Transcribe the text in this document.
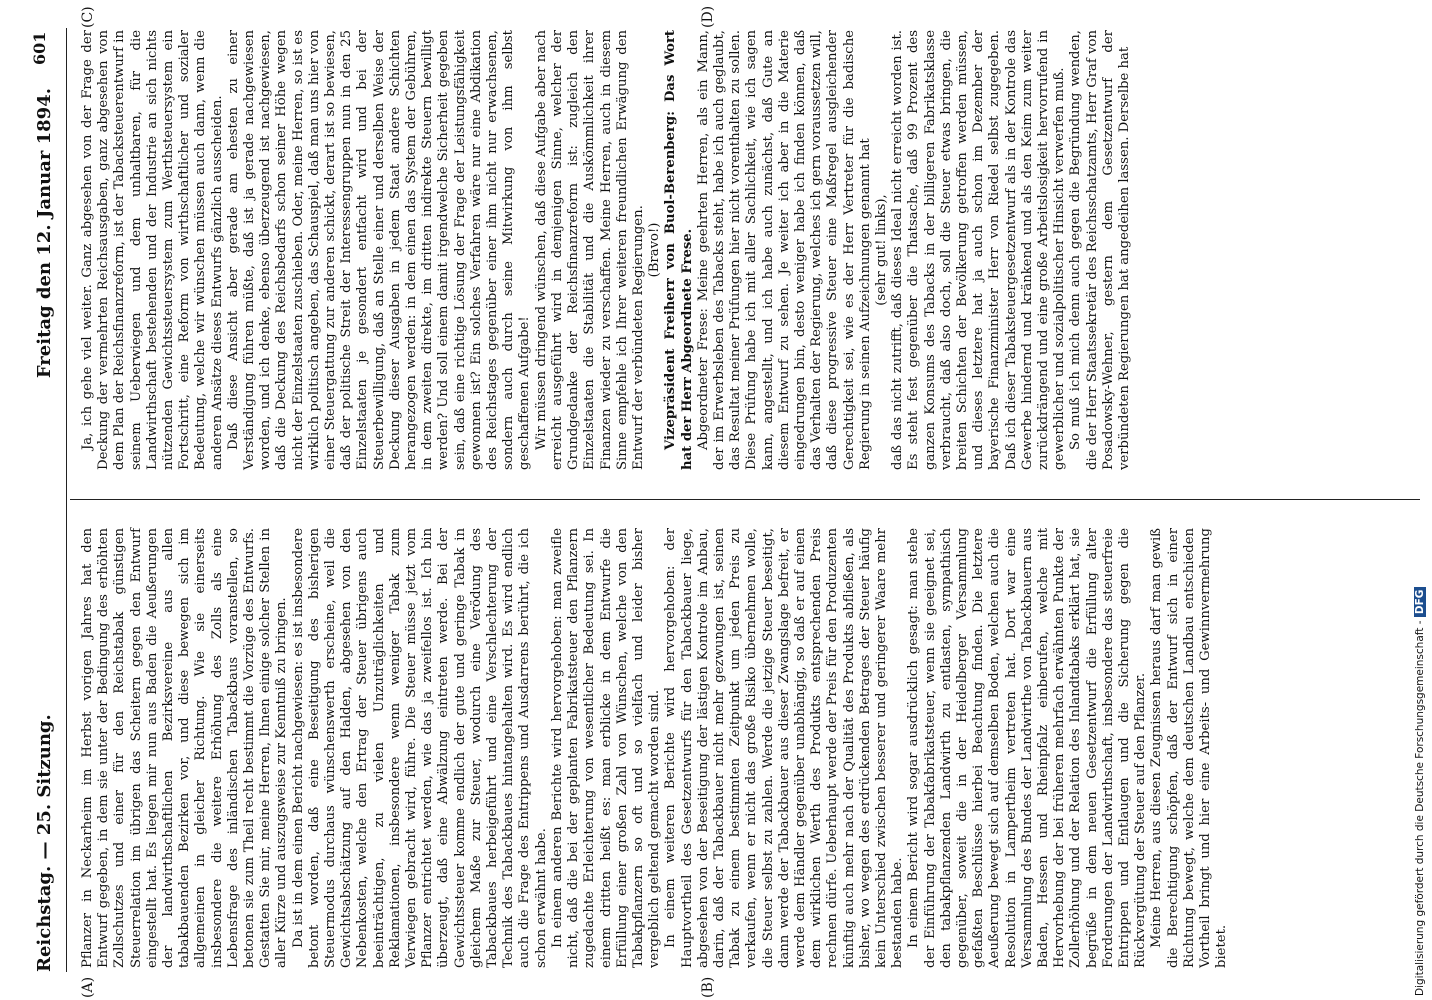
Reichstag. — 25. Sitzung.
Freitag den 12. Januar 1894.
601
(A)	(B)
(C)	(D)

Pflanzer in Neckarheim im Herbst vorigen Jahres hat den Entwurf gegeben, in dem sie unter der Bedingung des erhöhten Zollschutzes und einer für den Reichstabak günstigen Steuerrelation im übrigen das Scheitern gegen den Entwurf eingestellt hat. Es liegen mir nun aus Baden die Aeußerungen der landwirthschaftlichen Bezirksvereine aus allen tabakbauenden Bezirken vor, und diese bewegen sich im allgemeinen in gleicher Richtung. Wie sie einerseits insbesondere die weitere Erhöhung des Zolls als eine Lebensfrage des inländischen Tabackbaus voranstellen, so betonen sie zum Theil recht bestimmt die Vorzüge des Entwurfs. Gestatten Sie mir, meine Herren, Ihnen einige solcher Stellen in aller Kürze und auszugsweise zur Kenntniß zu bringen. Da ist in dem einen Bericht nachgewiesen: es ist insbesondere betont worden, daß eine Beseitigung des bisherigen Steuermodus durchaus wünschenswerth erscheine, weil die Gewichtsabschätzung auf den Halden, abgesehen von den Nebenkosten, welche den Ertrag der Steuer übrigens auch beeinträchtigen, zu vielen Unzuträglichkeiten und Reklamationen, insbesondere wenn weniger Tabak zum Verwiegen gebracht wird, führe. Die Steuer müsse jetzt vom Pflanzer entrichtet werden, wie das ja zweifellos ist. Ich bin überzeugt, daß eine Abwälzung eintreten werde. Bei der Gewichtssteuer komme endlich der gute und geringe Tabak in gleichem Maße zur Steuer, wodurch eine Verödung des Tabackbaues herbeigeführt und eine Verschlechterung der Technik des Tabackbaues hintangehalten wird. Es wird endlich auch die Frage des Entrippens und Ausdarrens berührt, die ich schon erwähnt habe. In einem anderen Berichte wird hervorgehoben: man zweifle nicht, daß die bei der geplanten Fabrikatsteuer den Pflanzern zugedachte Erleichterung von wesentlicher Bedeutung sei. In einem dritten heißt es: man erblicke in dem Entwurfe die Erfüllung einer großen Zahl von Wünschen, welche von den Tabakpflanzern so oft und so vielfach und leider bisher vergeblich geltend gemacht worden sind. In einem weiteren Berichte wird hervorgehoben: der Hauptvortheil des Gesetzentwurfs für den Tabackbauer liege, abgesehen von der Beseitigung der lästigen Kontrole im Anbau, darin, daß der Tabackbauer nicht mehr gezwungen ist, seinen Tabak zu einem bestimmten Zeitpunkt um jeden Preis zu verkaufen, wenn er nicht das große Risiko übernehmen wolle, die Steuer selbst zu zahlen. Werde die jetzige Steuer beseitigt, dann werde der Tabackbauer aus dieser Zwangslage befreit, er werde dem Händler gegenüber unabhängig, so daß er auf einen dem wirklichen Werth des Produkts entsprechenden Preis rechnen dürfe. Ueberhaupt werde der Preis für den Produzenten künftig auch mehr nach der Qualität des Produkts abfließen, als bisher, wo wegen des erdrückenden Betrages der Steuer häufig kein Unterschied zwischen besserer und geringerer Waare mehr bestanden habe. In einem Bericht wird sogar ausdrücklich gesagt: man stehe der Einführung der Tabakfabrikatsteuer, wenn sie geeignet sei, den tabakpflanzenden Landwirth zu entlasten, sympathisch gegenüber, soweit die in der Heidelberger Versammlung gefaßten Beschlüsse hierbei Beachtung finden. Die letztere Aeußerung bewegt sich auf demselben Boden, welchen auch die Resolution in Lampertheim vertreten hat. Dort war eine Versammlung des Bundes der Landwirthe von Tabackbauern aus Baden, Hessen und Rheinpfalz einberufen, welche mit Hervorhebung der bei früheren mehrfach erwähnten Punkte der Zollerhöhung und der Relation des Inlandtabaks erklärt hat, sie begrüße in dem neuen Gesetzentwurf die Erfüllung alter Forderungen der Landwirthschaft, insbesondere das steuerfreie Entrippen und Entlaugen und die Sicherung gegen die Rückvergütung der Steuer auf den Pflanzer. Meine Herren, aus diesen Zeugnissen heraus darf man gewiß die Berechtigung schöpfen, daß der Entwurf sich in einer Richtung bewegt, welche dem deutschen Landbau entschieden Vortheil bringt und hier eine Arbeits- und Gewinnvermehrung bietet.

Ja, ich gehe viel weiter. Ganz abgesehen von der Frage der Deckung der vermehrten Reichsausgaben, ganz abgesehen von dem Plan der Reichsfinanzreform, ist der Tabacksteuerentwurf in seinem Ueberwiegen und dem unhaltbaren, für die Landwirthschaft bestehenden und der Industrie an sich nichts nützenden Gewichtssteuersystem zum Werthsteuersystem ein Fortschritt, eine Reform von wirthschaftlicher und sozialer Bedeutung, welche wir wünschen müssen auch dann, wenn die anderen Ansätze dieses Entwurfs gänzlich ausscheiden. Daß diese Ansicht aber gerade am ehesten zu einer Verständigung führen müßte, daß ist ja gerade nachgewiesen worden, und ich denke, ebenso überzeugend ist nachgewiesen, daß die Deckung des Reichsbedarfs schon seiner Höhe wegen nicht der Einzelstaaten zuschieben. Oder, meine Herren, so ist es wirklich politisch angeben, das Schauspiel, daß man uns hier von einer Steuergattung zur anderen schickt, derart ist so bewiesen, daß der politische Streit der Interessengruppen nun in den 25 Einzelstaaten je gesondert entfacht wird und bei der Steuerbewilligung, daß an Stelle einer und derselben Weise der Deckung dieser Ausgaben in jedem Staat andere Schichten herangezogen werden: in dem einen das System der Gebühren, in dem zweiten direkte, im dritten indirekte Steuern bewilligt werden? Und soll einem damit irgendwelche Sicherheit gegeben sein, daß eine richtige Lösung der Frage der Leistungsfähigkeit gewonnen ist? Ein solches Verfahren wäre nur eine Abdikation des Reichstages gegenüber einer ihm nicht nur erwachsenen, sondern auch durch seine Mitwirkung von ihm selbst geschaffenen Aufgabe! Wir müssen dringend wünschen, daß diese Aufgabe aber nach erreicht ausgeführt wird in demjenigen Sinne, welcher der Grundgedanke der Reichsfinanzreform ist: zugleich den Einzelstaaten die Stabilität und die Auskömmlichkeit ihrer Finanzen wieder zu verschaffen. Meine Herren, auch in diesem Sinne empfehle ich Ihrer weiteren freundlichen Erwägung den Entwurf der verbündeten Regierungen. (Bravo!) Vizepräsident Freiherr von Buol-Berenberg: Das Wort hat der Herr Abgeordnete Frese. Abgeordneter Frese: Meine geehrten Herren, als ein Mann, der im Erwerbsleben des Tabacks steht, habe ich auch geglaubt, das Resultat meiner Prüfungen hier nicht vorenthalten zu sollen. Diese Prüfung habe ich mit aller Sachlichkeit, wie ich sagen kann, angestellt, und ich habe auch zunächst, daß Gute an diesem Entwurf zu sehen. Je weiter ich aber in die Materie eingedrungen bin, desto weniger habe ich finden können, daß das Verhalten der Regierung, welches ich gern voraussetzen will, daß diese progressive Steuer eine Maßregel ausgleichender Gerechtigkeit sei, wie es der Herr Vertreter für die badische Regierung in seinen Aufzeichnungen genannt hat (sehr gut! links), daß das nicht zutrifft, daß dieses Ideal nicht erreicht worden ist. Es steht fest gegenüber die Thatsache, daß 99 Prozent des ganzen Konsums des Tabacks in der billigeren Fabrikatsklasse verbraucht, daß also doch, soll die Steuer etwas bringen, die breiten Schichten der Bevölkerung getroffen werden müssen, und dieses letztere hat ja auch schon im Dezember der bayerische Finanzminister Herr von Riedel selbst zugegeben. Daß ich dieser Tabaksteuergesetzentwurf als in der Kontrole das Gewerbe hindernd und kränkend und als den Keim zum weiter zurückdrängend und eine große Arbeitslosigkeit hervorrufend in gewerblicher und sozialpolitischer Hinsicht verwerfen muß. So muß ich mich denn auch gegen die Begründung wenden, die der Herr Staatssekretär des Reichsschatzamts, Herr Graf von Posadowsky-Wehner, gestern dem Gesetzentwurf der verbündeten Regierungen hat angedeihen lassen. Derselbe hat

Digitalisierung gefördert durch die Deutsche Forschungsgemeinschaft - DFG
